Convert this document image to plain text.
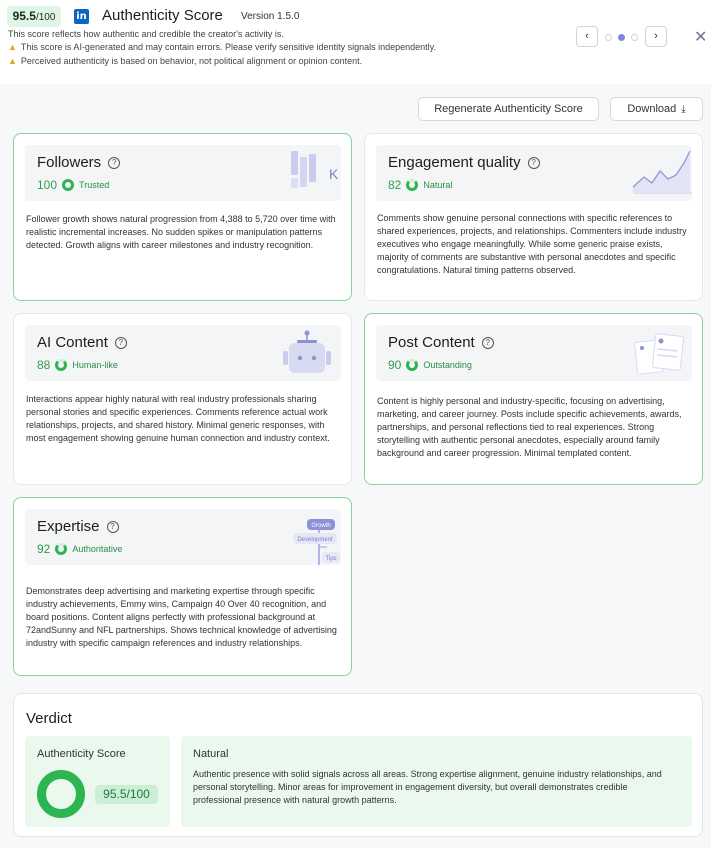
95.5/100	in Authenticity Score Version 1.5.0
This score reflects how authentic and credible the creator's activity is.
▲ This score is AI-generated and may contain errors. Please verify sensitive identity signals independently.
▲ Perceived authenticity is based on behavior, not political alignment or opinion content.
‹	›	✕
Regenerate Authenticity Score	Download ⤓
Followers	?
100 Trusted
K
Follower growth shows natural progression from 4,388 to 5,720 over time with realistic incremental increases. No sudden spikes or manipulation patterns detected. Growth aligns with career milestones and industry recognition.
Engagement quality	?
82 Natural
Comments show genuine personal connections with specific references to shared experiences, projects, and relationships. Commenters include industry executives who engage meaningfully. While some generic praise exists, majority of comments are substantive with personal anecdotes and specific congratulations. Natural timing patterns observed.
AI Content	?
88 Human-like
Interactions appear highly natural with real industry professionals sharing personal stories and specific experiences. Comments reference actual work relationships, projects, and shared history. Minimal generic responses, with most engagement showing genuine human connection and industry context.
Post Content	?
90 Outstanding
Content is highly personal and industry-specific, focusing on advertising, marketing, and career journey. Posts include specific achievements, awards, partnerships, and personal reflections tied to real experiences. Strong storytelling with authentic personal anecdotes, especially around family background and career progression. Minimal templated content.
Expertise	?
92 Authoritative
Growth
Development
Tips
Demonstrates deep advertising and marketing expertise through specific industry achievements, Emmy wins, Campaign 40 Over 40 recognition, and board positions. Content aligns perfectly with professional background at 72andSunny and NFL partnerships. Shows technical knowledge of advertising industry with specific campaign references and industry relationships.
Verdict
Authenticity Score
95.5/100
Natural
Authentic presence with solid signals across all areas. Strong expertise alignment, genuine industry relationships, and personal storytelling. Minor areas for improvement in engagement diversity, but overall demonstrates credible professional presence with natural growth patterns.
